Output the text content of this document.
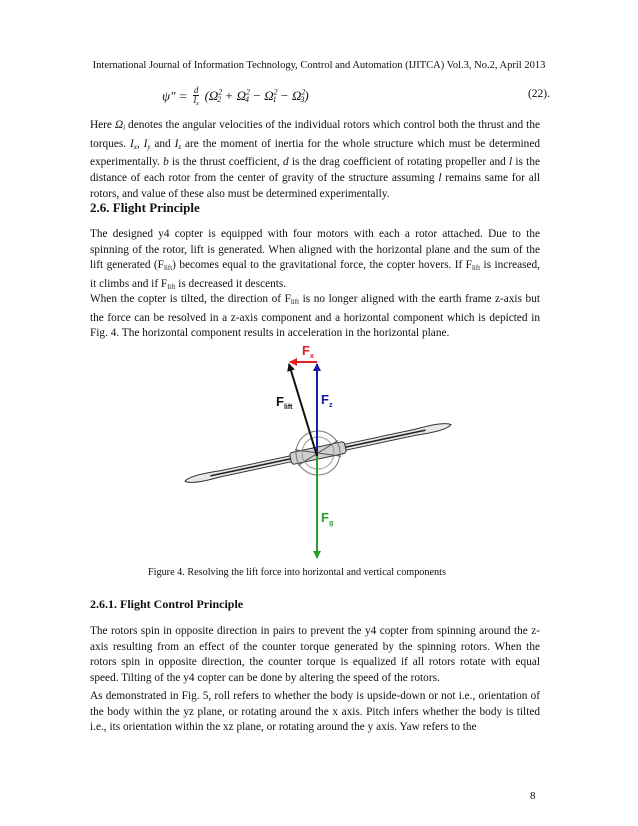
International Journal of Information Technology, Control and Automation (IJITCA) Vol.3, No.2, April 2013
ψ" = $\frac{d}{I_z} (\Omega^2_2 + \Omega^2_4 - \Omega^2_1 - \Omega^2_3)$	(22).

Here $\Omega_i$ denotes the angular velocities of the individual rotors which control both the thrust and the torques. $I_x$, $I_y$ and $I_z$ are the moment of inertia for the whole structure which must be determined experimentally. b is the thrust coefficient, d is the drag coefficient of rotating propeller and l is the distance of each rotor from the center of gravity of the structure assuming l remains same for all rotors, and value of these also must be determined experimentally.

2.6. Flight Principle

The designed y4 copter is equipped with four motors with each a rotor attached. Due to the spinning of the rotor, lift is generated. When aligned with the horizontal plane and the sum of the lift generated $(F_{lift})$ becomes equal to the gravitational force, the copter hovers. If $F_{lift}$ is increased, it climbs and if $F_{lift}$ is decreased it descents.

When the copter is tilted, the direction of $F_{lift}$ is no longer aligned with the earth frame z-axis but the force can be resolved in a z-axis component and a horizontal component which is depicted in Fig. 4. The horizontal component results in acceleration in the horizontal plane.

$F_x$
$F_{lift}$
$F_z$
$F_g$
Figure 4. Resolving the lift force into horizontal and vertical components
2.6.1. Flight Control Principle

The rotors spin in opposite direction in pairs to prevent the y4 copter from spinning around the z-axis resulting from an effect of the counter torque generated by the spinning rotors. When the rotors spin in opposite direction, the counter torque is equalized if all rotors rotate with equal speed. Tilting of the y4 copter can be done by altering the speed of the rotors.

As demonstrated in Fig. 5, roll refers to whether the body is upside-down or not i.e., orientation of the body within the yz plane, or rotating around the x axis. Pitch infers whether the body is tilted i.e., its orientation within the xz plane, or rotating around the y axis. Yaw refers to the

8
